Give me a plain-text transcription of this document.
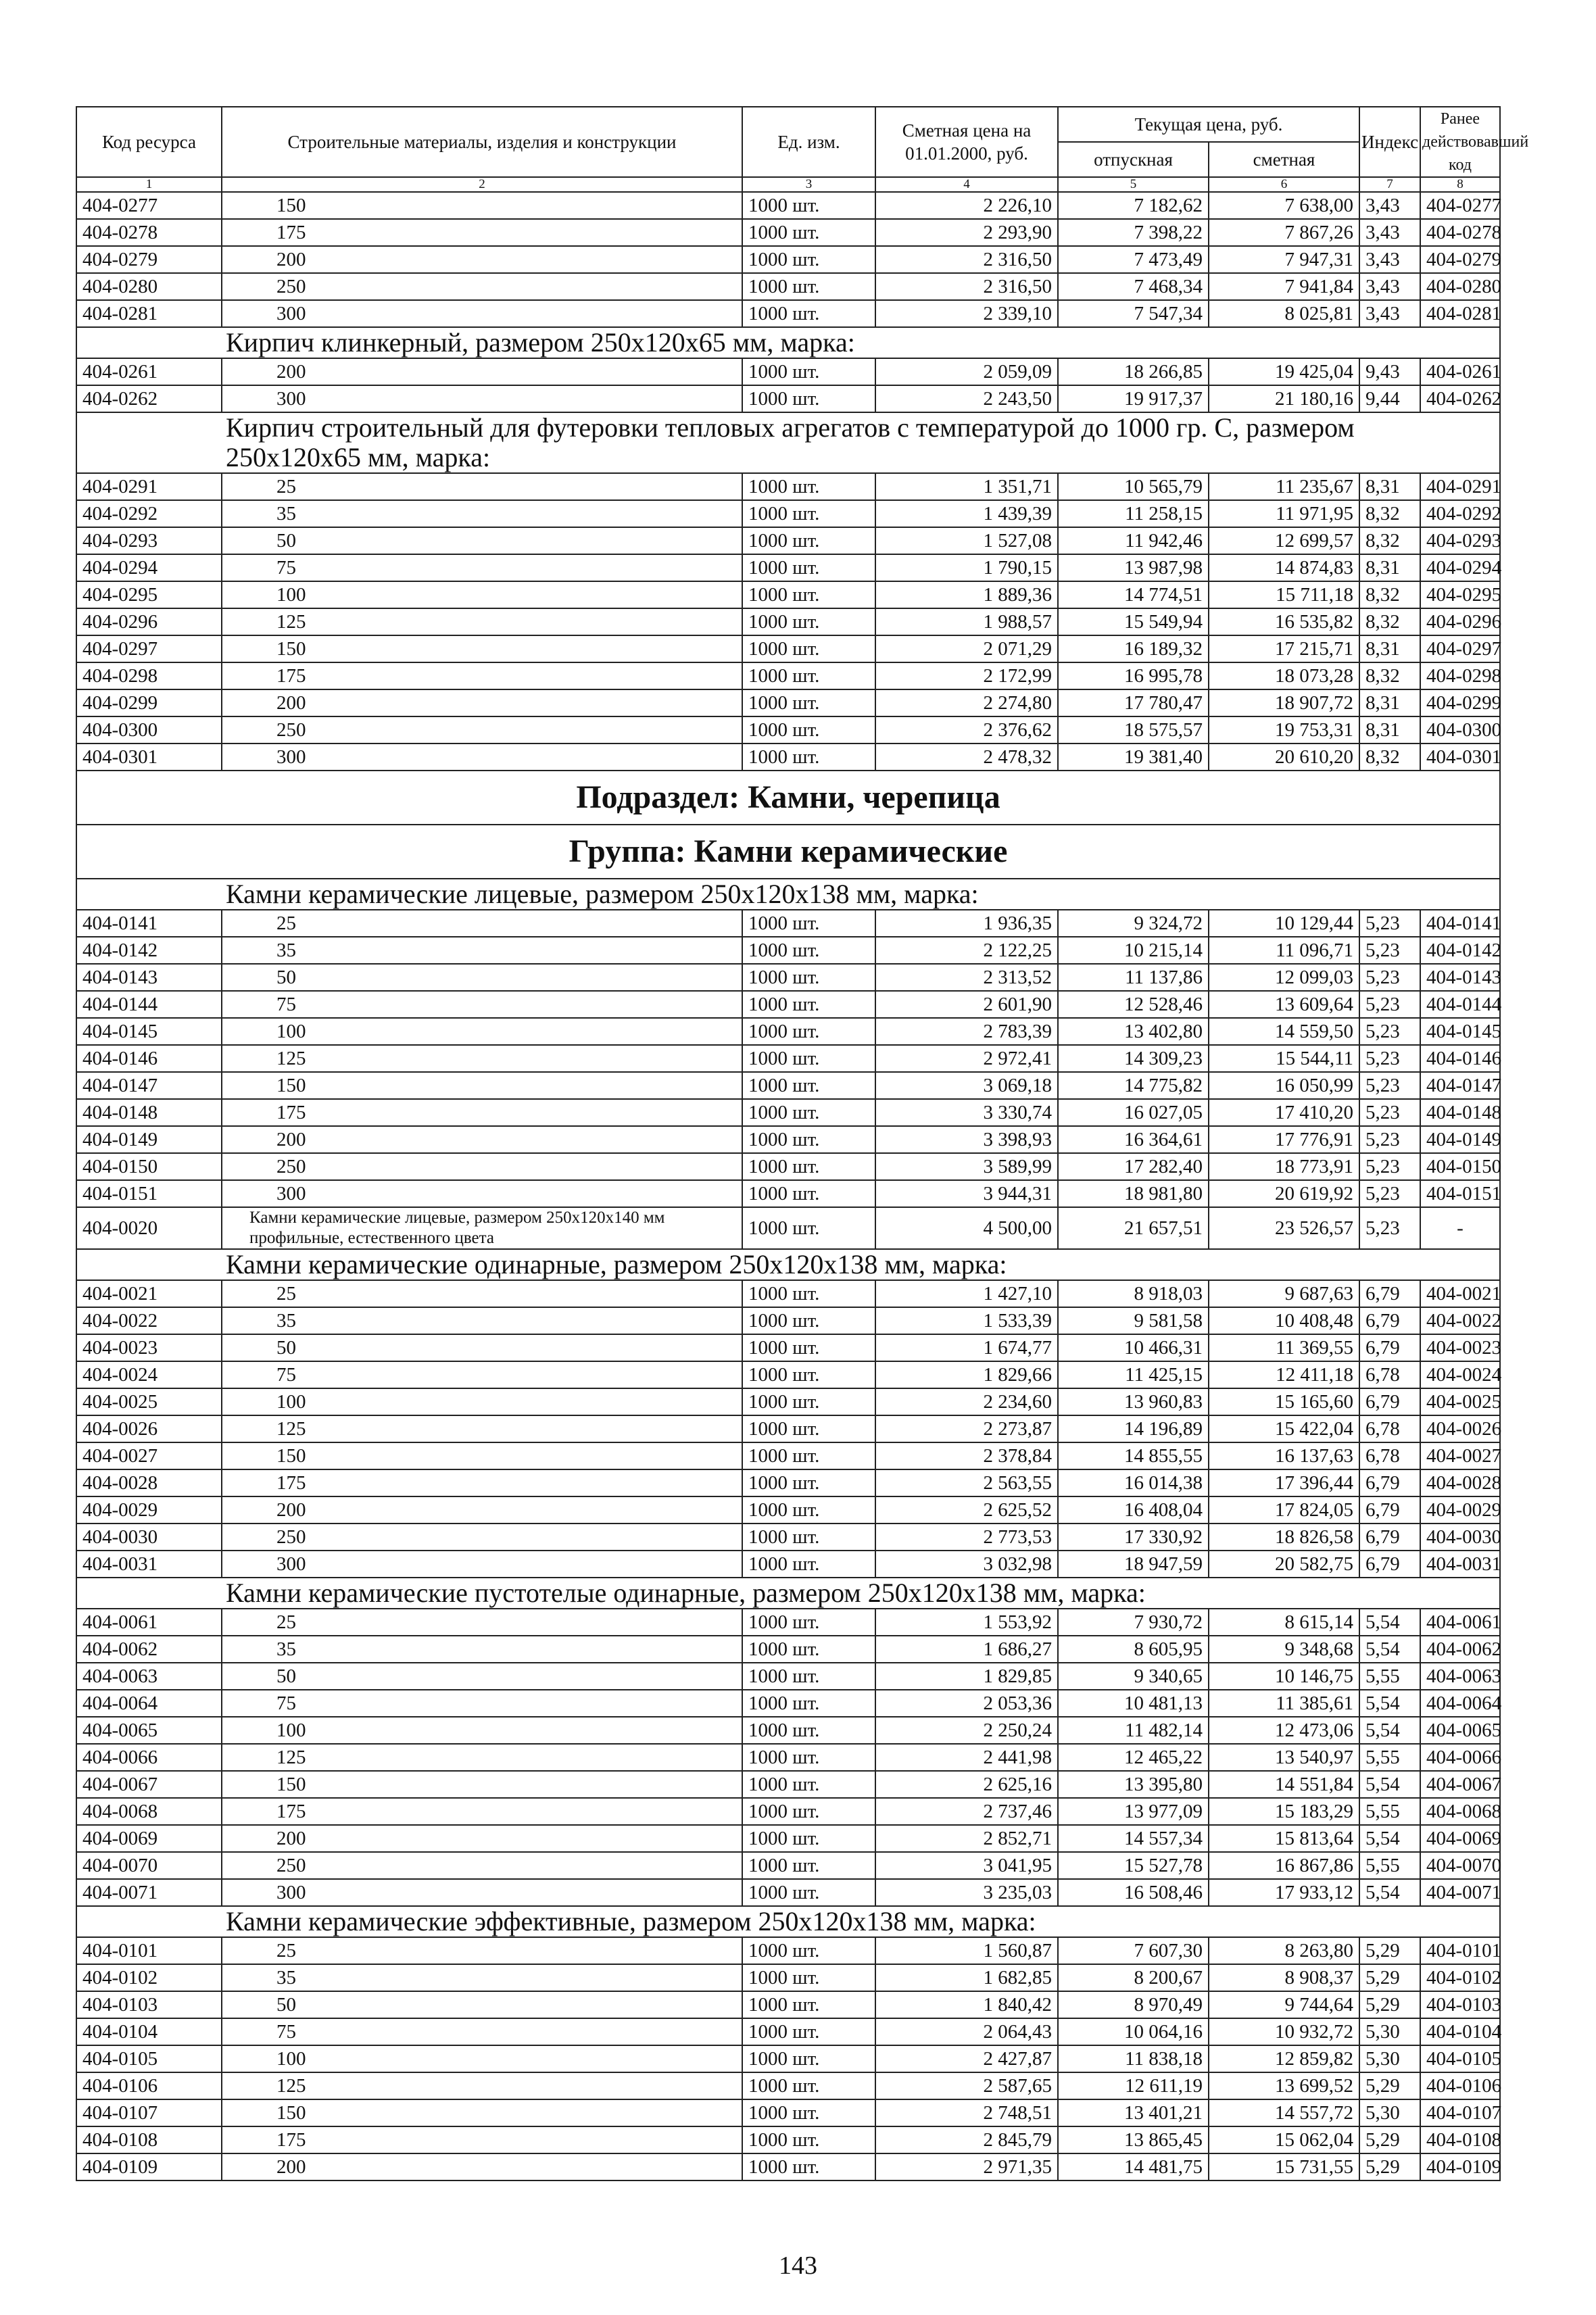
Код ресурса	Строительные материалы, изделия и конструкции	Ед. изм.	Сметная цена на 01.01.2000, руб.	Текущая цена, руб.		Индекс	Ранее действовавший код
				отпускная	сметная		
1	2	3	4	5	6	7	8
404-0277	150	1000 шт.	2 226,10	7 182,62	7 638,00	3,43	404-0277
404-0278	175	1000 шт.	2 293,90	7 398,22	7 867,26	3,43	404-0278
404-0279	200	1000 шт.	2 316,50	7 473,49	7 947,31	3,43	404-0279
404-0280	250	1000 шт.	2 316,50	7 468,34	7 941,84	3,43	404-0280
404-0281	300	1000 шт.	2 339,10	7 547,34	8 025,81	3,43	404-0281
Кирпич клинкерный, размером 250х120х65 мм, марка:							
404-0261	200	1000 шт.	2 059,09	18 266,85	19 425,04	9,43	404-0261
404-0262	300	1000 шт.	2 243,50	19 917,37	21 180,16	9,44	404-0262
Кирпич строительный для футеровки тепловых агрегатов с температурой до 1000 гр. С, размером 250х120х65 мм, марка:							
404-0291	25	1000 шт.	1 351,71	10 565,79	11 235,67	8,31	404-0291
404-0292	35	1000 шт.	1 439,39	11 258,15	11 971,95	8,32	404-0292
404-0293	50	1000 шт.	1 527,08	11 942,46	12 699,57	8,32	404-0293
404-0294	75	1000 шт.	1 790,15	13 987,98	14 874,83	8,31	404-0294
404-0295	100	1000 шт.	1 889,36	14 774,51	15 711,18	8,32	404-0295
404-0296	125	1000 шт.	1 988,57	15 549,94	16 535,82	8,32	404-0296
404-0297	150	1000 шт.	2 071,29	16 189,32	17 215,71	8,31	404-0297
404-0298	175	1000 шт.	2 172,99	16 995,78	18 073,28	8,32	404-0298
404-0299	200	1000 шт.	2 274,80	17 780,47	18 907,72	8,31	404-0299
404-0300	250	1000 шт.	2 376,62	18 575,57	19 753,31	8,31	404-0300
404-0301	300	1000 шт.	2 478,32	19 381,40	20 610,20	8,32	404-0301
Подраздел: Камни, черепица							
Группа: Камни керамические							
Камни керамические лицевые, размером 250х120х138 мм, марка:							
404-0141	25	1000 шт.	1 936,35	9 324,72	10 129,44	5,23	404-0141
404-0142	35	1000 шт.	2 122,25	10 215,14	11 096,71	5,23	404-0142
404-0143	50	1000 шт.	2 313,52	11 137,86	12 099,03	5,23	404-0143
404-0144	75	1000 шт.	2 601,90	12 528,46	13 609,64	5,23	404-0144
404-0145	100	1000 шт.	2 783,39	13 402,80	14 559,50	5,23	404-0145
404-0146	125	1000 шт.	2 972,41	14 309,23	15 544,11	5,23	404-0146
404-0147	150	1000 шт.	3 069,18	14 775,82	16 050,99	5,23	404-0147
404-0148	175	1000 шт.	3 330,74	16 027,05	17 410,20	5,23	404-0148
404-0149	200	1000 шт.	3 398,93	16 364,61	17 776,91	5,23	404-0149
404-0150	250	1000 шт.	3 589,99	17 282,40	18 773,91	5,23	404-0150
404-0151	300	1000 шт.	3 944,31	18 981,80	20 619,92	5,23	404-0151
404-0020	Камни керамические лицевые, размером 250х120х140 мм профильные, естественного цвета	1000 шт.	4 500,00	21 657,51	23 526,57	5,23	-
Камни керамические одинарные, размером 250х120х138 мм, марка:							
404-0021	25	1000 шт.	1 427,10	8 918,03	9 687,63	6,79	404-0021
404-0022	35	1000 шт.	1 533,39	9 581,58	10 408,48	6,79	404-0022
404-0023	50	1000 шт.	1 674,77	10 466,31	11 369,55	6,79	404-0023
404-0024	75	1000 шт.	1 829,66	11 425,15	12 411,18	6,78	404-0024
404-0025	100	1000 шт.	2 234,60	13 960,83	15 165,60	6,79	404-0025
404-0026	125	1000 шт.	2 273,87	14 196,89	15 422,04	6,78	404-0026
404-0027	150	1000 шт.	2 378,84	14 855,55	16 137,63	6,78	404-0027
404-0028	175	1000 шт.	2 563,55	16 014,38	17 396,44	6,79	404-0028
404-0029	200	1000 шт.	2 625,52	16 408,04	17 824,05	6,79	404-0029
404-0030	250	1000 шт.	2 773,53	17 330,92	18 826,58	6,79	404-0030
404-0031	300	1000 шт.	3 032,98	18 947,59	20 582,75	6,79	404-0031
Камни керамические пустотелые одинарные, размером 250х120х138 мм, марка:							
404-0061	25	1000 шт.	1 553,92	7 930,72	8 615,14	5,54	404-0061
404-0062	35	1000 шт.	1 686,27	8 605,95	9 348,68	5,54	404-0062
404-0063	50	1000 шт.	1 829,85	9 340,65	10 146,75	5,55	404-0063
404-0064	75	1000 шт.	2 053,36	10 481,13	11 385,61	5,54	404-0064
404-0065	100	1000 шт.	2 250,24	11 482,14	12 473,06	5,54	404-0065
404-0066	125	1000 шт.	2 441,98	12 465,22	13 540,97	5,55	404-0066
404-0067	150	1000 шт.	2 625,16	13 395,80	14 551,84	5,54	404-0067
404-0068	175	1000 шт.	2 737,46	13 977,09	15 183,29	5,55	404-0068
404-0069	200	1000 шт.	2 852,71	14 557,34	15 813,64	5,54	404-0069
404-0070	250	1000 шт.	3 041,95	15 527,78	16 867,86	5,55	404-0070
404-0071	300	1000 шт.	3 235,03	16 508,46	17 933,12	5,54	404-0071
Камни керамические эффективные, размером 250х120х138 мм, марка:							
404-0101	25	1000 шт.	1 560,87	7 607,30	8 263,80	5,29	404-0101
404-0102	35	1000 шт.	1 682,85	8 200,67	8 908,37	5,29	404-0102
404-0103	50	1000 шт.	1 840,42	8 970,49	9 744,64	5,29	404-0103
404-0104	75	1000 шт.	2 064,43	10 064,16	10 932,72	5,30	404-0104
404-0105	100	1000 шт.	2 427,87	11 838,18	12 859,82	5,30	404-0105
404-0106	125	1000 шт.	2 587,65	12 611,19	13 699,52	5,29	404-0106
404-0107	150	1000 шт.	2 748,51	13 401,21	14 557,72	5,30	404-0107
404-0108	175	1000 шт.	2 845,79	13 865,45	15 062,04	5,29	404-0108
404-0109	200	1000 шт.	2 971,35	14 481,75	15 731,55	5,29	404-0109
143
